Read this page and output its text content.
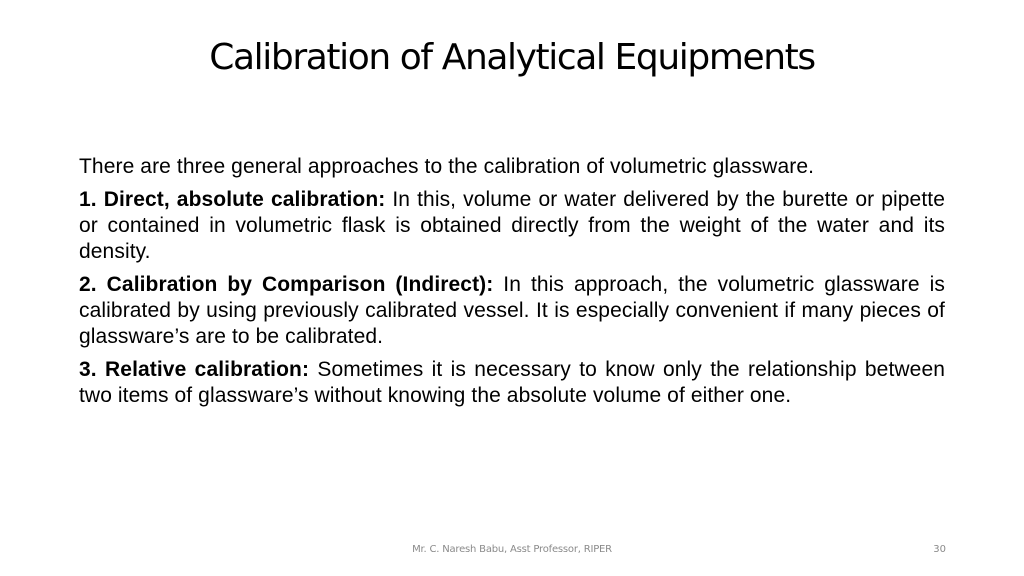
Calibration of Analytical Equipments

There are three general approaches to the calibration of volumetric glassware.

1. Direct, absolute calibration: In this, volume or water delivered by the burette or pipette or contained in volumetric flask is obtained directly from the weight of the water and its density.

2. Calibration by Comparison (Indirect): In this approach, the volumetric glassware is calibrated by using previously calibrated vessel. It is especially convenient if many pieces of glassware’s are to be calibrated.

3. Relative calibration: Sometimes it is necessary to know only the relationship between two items of glassware’s without knowing the absolute volume of either one.

Mr. C. Naresh Babu, Asst Professor, RIPER	30
